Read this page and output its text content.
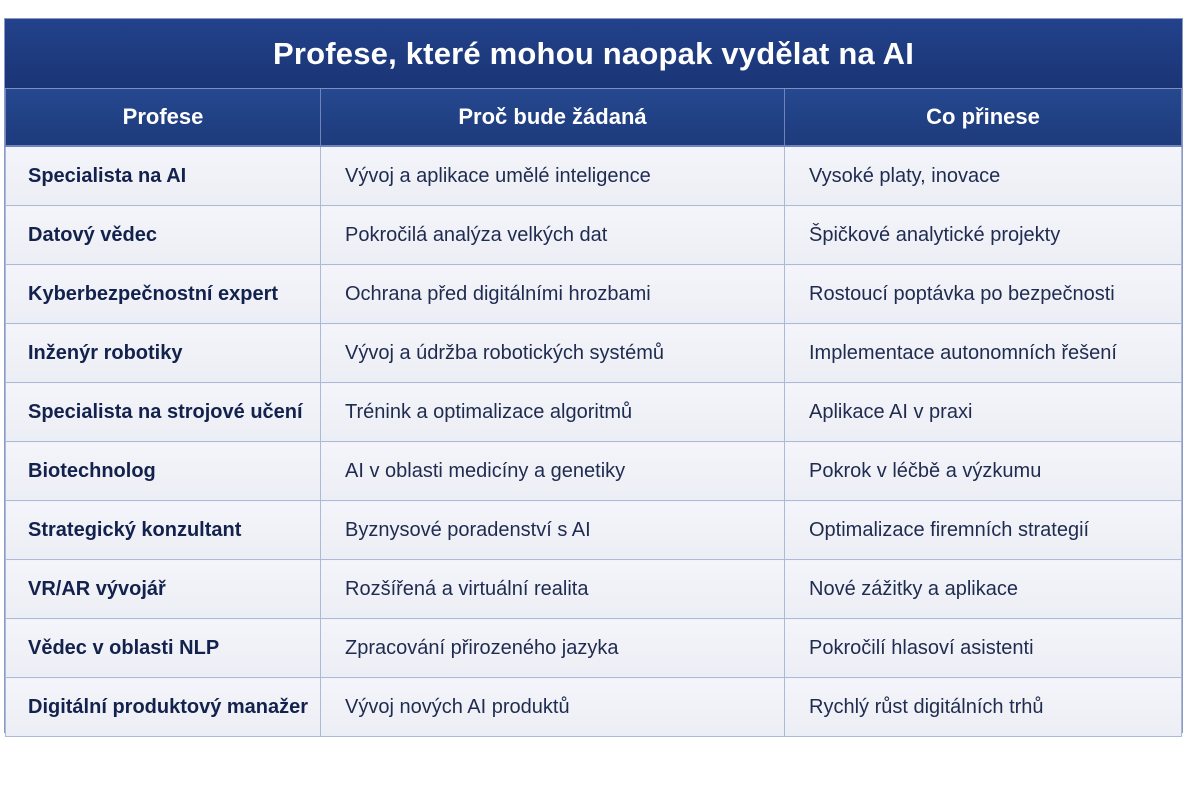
Profese, které mohou naopak vydělat na AI
Profese	Proč bude žádaná	Co přinese
Specialista na AI	Vývoj a aplikace umělé inteligence	Vysoké platy, inovace
Datový vědec	Pokročilá analýza velkých dat	Špičkové analytické projekty
Kyberbezpečnostní expert	Ochrana před digitálními hrozbami	Rostoucí poptávka po bezpečnosti
Inženýr robotiky	Vývoj a údržba robotických systémů	Implementace autonomních řešení
Specialista na strojové učení	Trénink a optimalizace algoritmů	Aplikace AI v praxi
Biotechnolog	AI v oblasti medicíny a genetiky	Pokrok v léčbě a výzkumu
Strategický konzultant	Byznysové poradenství s AI	Optimalizace firemních strategií
VR/AR vývojář	Rozšířená a virtuální realita	Nové zážitky a aplikace
Vědec v oblasti NLP	Zpracování přirozeného jazyka	Pokročilí hlasoví asistenti
Digitální produktový manažer	Vývoj nových AI produktů	Rychlý růst digitálních trhů
